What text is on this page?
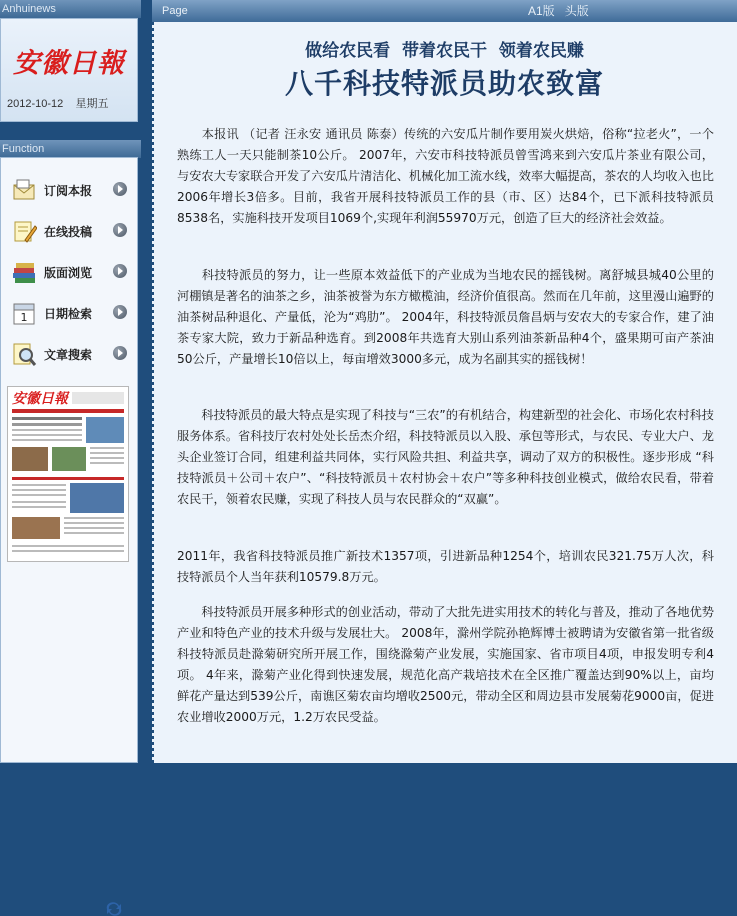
Anhuinews
安徽日報
2012-10-12 星期五
Function
订阅本报
在线投稿
版面浏览
1 日期检索
文章搜索
安徽日報
Page	A1版 头版
做给农民看  带着农民干  领着农民赚
八千科技特派员助农致富

　　本报讯 （记者 汪永安 通讯员 陈泰）传统的六安瓜片制作要用炭火烘焙，俗称“拉老火”，一个熟练工人一天只能制茶10公斤。 2007年，六安市科技特派员曾雪鸿来到六安瓜片茶业有限公司，与安农大专家联合开发了六安瓜片清洁化、机械化加工流水线，效率大幅提高，茶农的人均收入也比2006年增长3倍多。目前，我省开展科技特派员工作的县（市、区）达84个，已下派科技特派员8538名，实施科技开发项目1069个,实现年利润55970万元，创造了巨大的经济社会效益。

　　科技特派员的努力，让一些原本效益低下的产业成为当地农民的摇钱树。离舒城县城40公里的河棚镇是著名的油茶之乡，油茶被誉为东方橄榄油，经济价值很高。然而在几年前，这里漫山遍野的油茶树品种退化、产量低，沦为“鸡肋”。 2004年，科技特派员詹昌炳与安农大的专家合作，建了油茶专家大院，致力于新品种选育。到2008年共选育大别山系列油茶新品种4个，盛果期可亩产茶油50公斤，产量增长10倍以上，每亩增效3000多元，成为名副其实的摇钱树！

　　科技特派员的最大特点是实现了科技与“三农”的有机结合，构建新型的社会化、市场化农村科技服务体系。省科技厅农村处处长岳杰介绍，科技特派员以入股、承包等形式，与农民、专业大户、龙头企业签订合同，组建利益共同体，实行风险共担、利益共享，调动了双方的积极性。逐步形成 “科技特派员＋公司＋农户”、“科技特派员＋农村协会＋农户”等多种科技创业模式，做给农民看，带着农民干，领着农民赚，实现了科技人员与农民群众的“双赢”。

2011年，我省科技特派员推广新技术1357项，引进新品种1254个，培训农民321.75万人次，科技特派员个人当年获利10579.8万元。

　　科技特派员开展多种形式的创业活动，带动了大批先进实用技术的转化与普及，推动了各地优势产业和特色产业的技术升级与发展壮大。 2008年，滁州学院孙艳辉博士被聘请为安徽省第一批省级科技特派员赴滁菊研究所开展工作，围绕滁菊产业发展，实施国家、省市项目4项，申报发明专利4项。 4年来，滁菊产业化得到快速发展，规范化高产栽培技术在全区推广覆盖达到90%以上，亩均鲜花产量达到539公斤，南谯区菊农亩均增收2500元，带动全区和周边县市发展菊花9000亩，促进农业增收2000万元，1.2万农民受益。
